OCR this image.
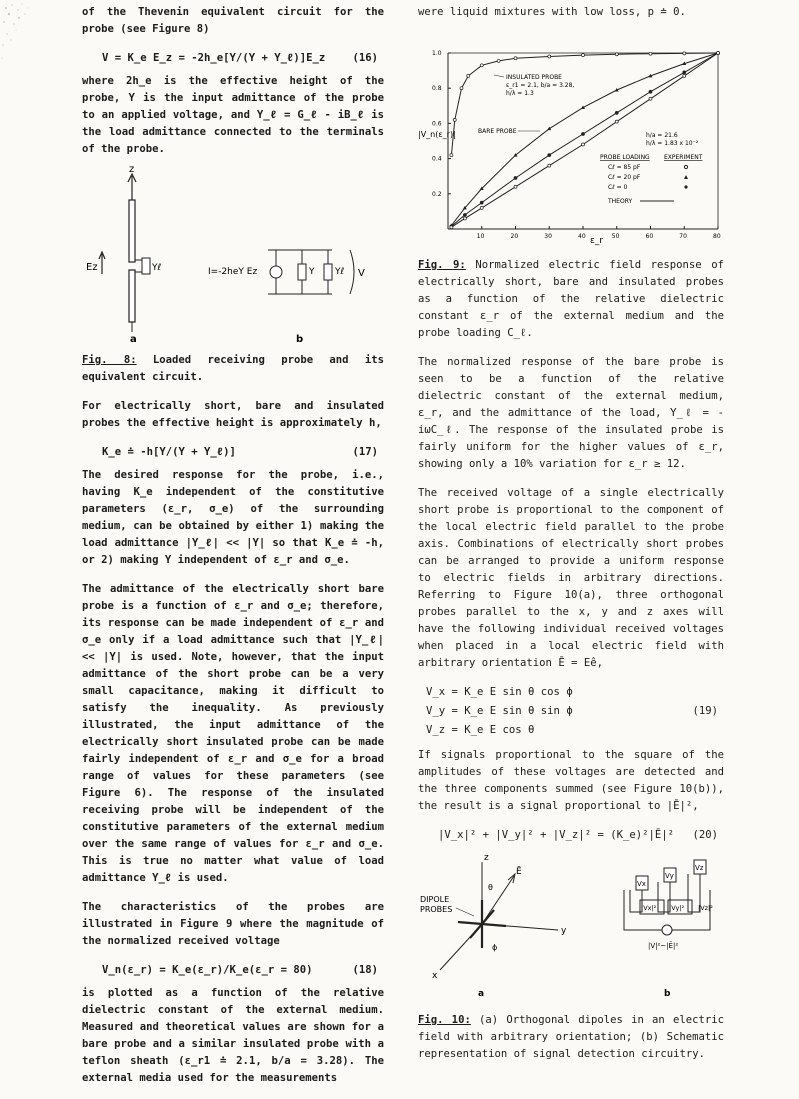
of the Thevenin equivalent circuit for the probe (see Figure 8)

V = K_e E_z = -2h_e[Y/(Y + Y_ℓ)]E_z	(16)

where 2h_e is the effective height of the probe, Y is the input admittance of the probe to an applied voltage, and Y_ℓ = G_ℓ - iB_ℓ is the load admittance connected to the terminals of the probe.

z
Yℓ
Ez
a
I=-2heY Ez	Y Yℓ V
b

Fig. 8: Loaded receiving probe and its equivalent circuit.

For electrically short, bare and insulated probes the effective height is approximately h,

K_e ≐ -h[Y/(Y + Y_ℓ)]	(17)

The desired response for the probe, i.e., having K_e independent of the constitutive parameters (ε_r, σ_e) of the surrounding medium, can be obtained by either 1) making the load admittance |Y_ℓ| << |Y| so that K_e ≐ -h, or 2) making Y independent of ε_r and σ_e.

The admittance of the electrically short bare probe is a function of ε_r and σ_e; therefore, its response can be made independent of ε_r and σ_e only if a load admittance such that |Y_ℓ| << |Y| is used. Note, however, that the input admittance of the short probe can be a very small capacitance, making it difficult to satisfy the inequality. As previously illustrated, the input admittance of the electrically short insulated probe can be made fairly independent of ε_r and σ_e for a broad range of values for these parameters (see Figure 6). The response of the insulated receiving probe will be independent of the constitutive parameters of the external medium over the same range of values for ε_r and σ_e. This is true no matter what value of load admittance Y_ℓ is used.

The characteristics of the probes are illustrated in Figure 9 where the magnitude of the normalized received voltage

V_n(ε_r) = K_e(ε_r)/K_e(ε_r = 80)	(18)

is plotted as a function of the relative dielectric constant of the external medium. Measured and theoretical values are shown for a bare probe and a similar insulated probe with a teflon sheath (ε_r1 ≐ 2.1, b/a = 3.28). The external media used for the measurements

were liquid mixtures with low loss, p ≐ 0.

10	20	30	40	50	60	70	80
0.2
0.4
0.6
0.8
1.0
|V_n(ε_r)|
ε_r
INSULATED PROBE
ε_r1 = 2.1, b/a = 3.28,
h/λ = 1.3
BARE PROBE
h/a = 21.6
h/λ = 1.83 x 10⁻²
PROBE LOADING EXPERIMENT
Cℓ = 85 pF
Cℓ = 20 pF
Cℓ = 0
THEORY

Fig. 9: Normalized electric field response of electrically short, bare and insulated probes as a function of the relative dielectric constant ε_r of the external medium and the probe loading C_ℓ.

The normalized response of the bare probe is seen to be a function of the relative dielectric constant of the external medium, ε_r, and the admittance of the load, Y_ℓ = -iωC_ℓ. The response of the insulated probe is fairly uniform for the higher values of ε_r, showing only a 10% variation for ε_r ≥ 12.

The received voltage of a single electrically short probe is proportional to the component of the local electric field parallel to the probe axis. Combinations of electrically short probes can be arranged to provide a uniform response to electric fields in arbitrary directions. Referring to Figure 10(a), three orthogonal probes parallel to the x, y and z axes will have the following individual received voltages when placed in a local electric field with arbitrary orientation Ē = Eê,

V_x = K_e E sin θ cos ϕ
V_y = K_e E sin θ sin ϕ	(19)
V_z = K_e E cos θ

If signals proportional to the square of the amplitudes of these voltages are detected and the three components summed (see Figure 10(b)), the result is a signal proportional to |Ē|²,

|V_x|² + |V_y|² + |V_z|² = (K_e)²|Ē|² (20)
z
y
x
Ē
θ
ϕ
DIPOLE
PROBES
a
Vx
Vy
Vz
|Vx|² |Vy|² |Vz|²
|V|²~|Ē|²
b

Fig. 10: (a) Orthogonal dipoles in an electric field with arbitrary orientation; (b) Schematic representation of signal detection circuitry.
